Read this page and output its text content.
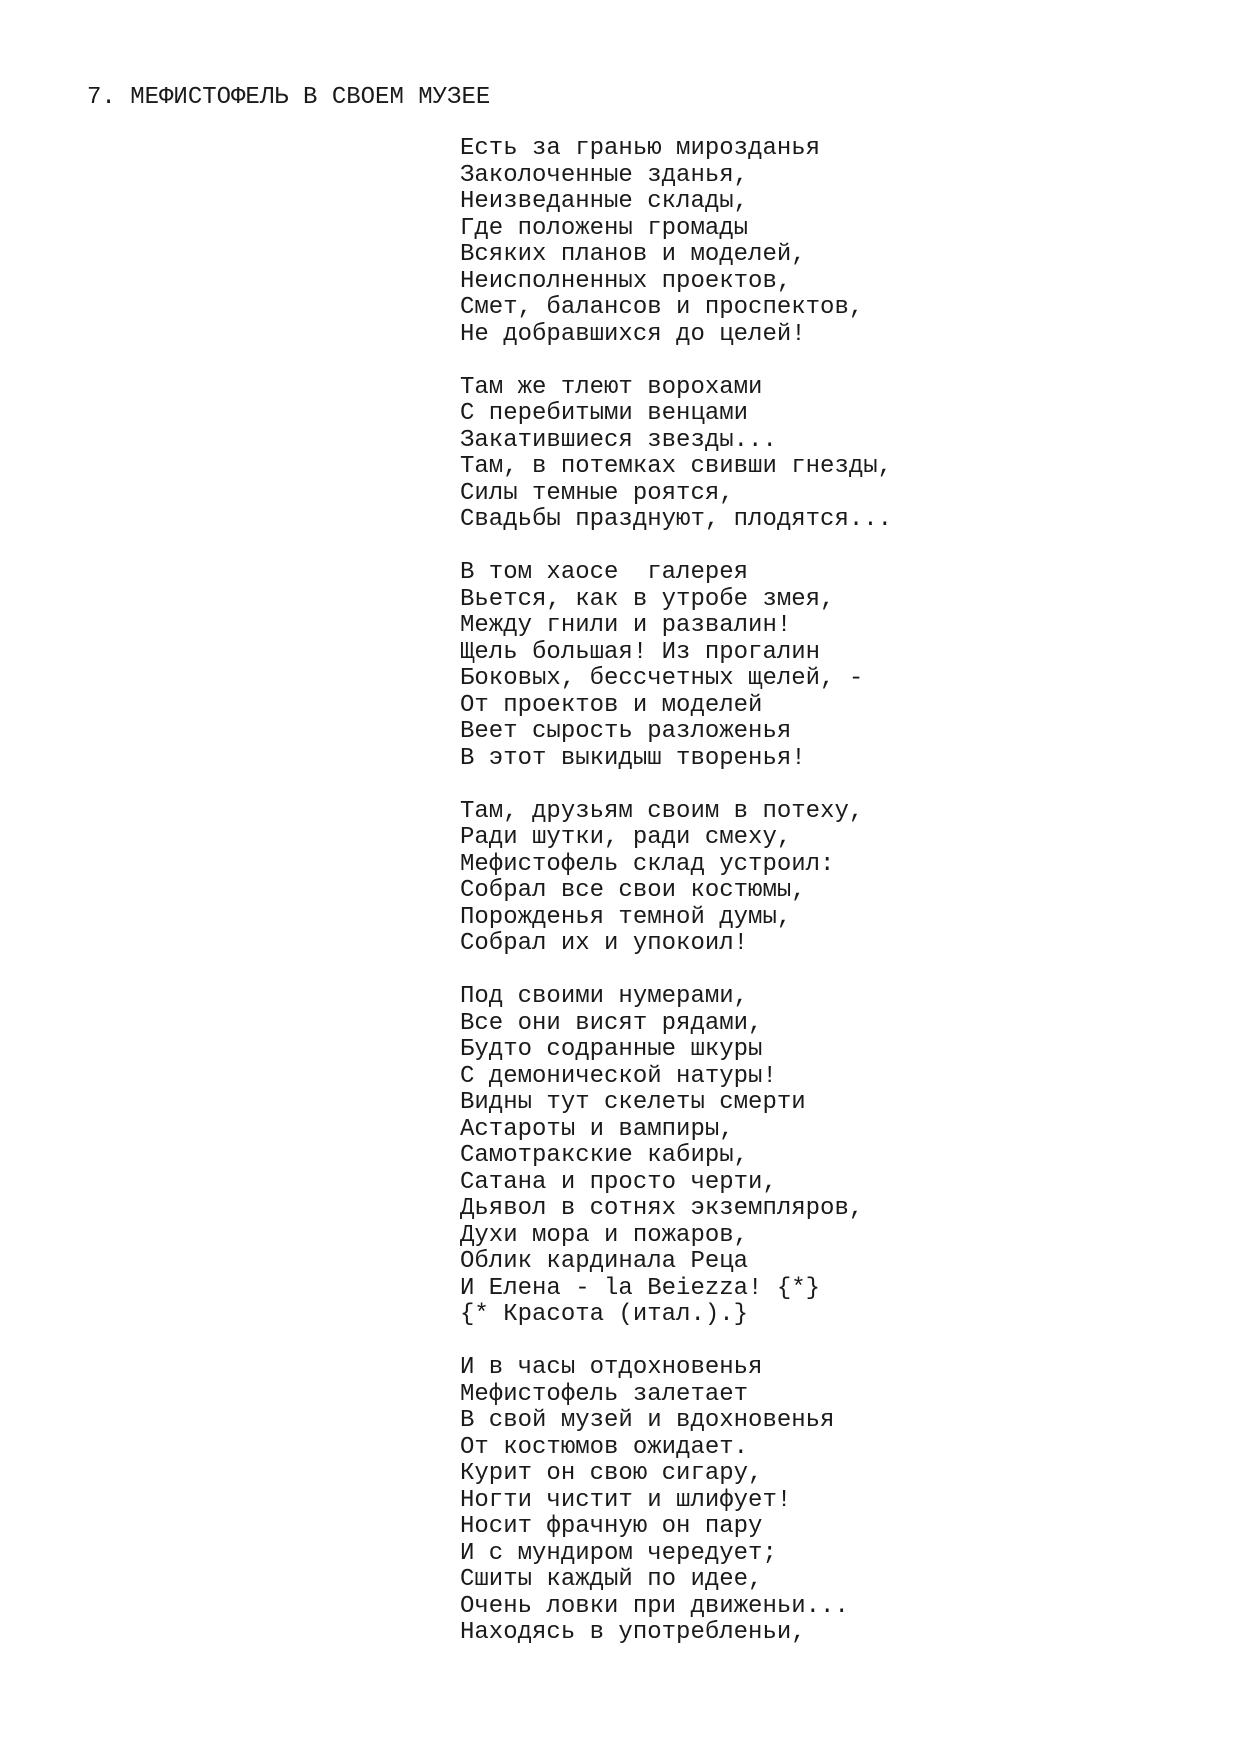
7. МЕФИСТОФЕЛЬ В СВОЕМ МУЗЕЕ
Есть за гранью мирозданья
Заколоченные зданья,
Неизведанные склады,
Где положены громады
Всяких планов и моделей,
Неисполненных проектов,
Смет, балансов и проспектов,
Не добравшихся до целей!
Там же тлеют ворохами
С перебитыми венцами
Закатившиеся звезды...
Там, в потемках свивши гнезды,
Силы темные роятся,
Свадьбы празднуют, плодятся...
В том хаосе  галерея
Вьется, как в утробе змея,
Между гнили и развалин!
Щель большая! Из прогалин
Боковых, бессчетных щелей, -
От проектов и моделей
Веет сырость разложенья
В этот выкидыш творенья!
Там, друзьям своим в потеху,
Ради шутки, ради смеху,
Мефистофель склад устроил:
Собрал все свои костюмы,
Порожденья темной думы,
Собрал их и упокоил!
Под своими нумерами,
Все они висят рядами,
Будто содранные шкуры
С демонической натуры!
Видны тут скелеты смерти
Астароты и вампиры,
Самотракские кабиры,
Сатана и просто черти,
Дьявол в сотнях экземпляров,
Духи мора и пожаров,
Облик кардинала Реца
И Елена - la Beiezza! {*}
{* Красота (итал.).}
И в часы отдохновенья
Мефистофель залетает
В свой музей и вдохновенья
От костюмов ожидает.
Курит он свою сигару,
Ногти чистит и шлифует!
Носит фрачную он пару
И с мундиром чередует;
Сшиты каждый по идее,
Очень ловки при движеньи...
Находясь в употребленьи,
